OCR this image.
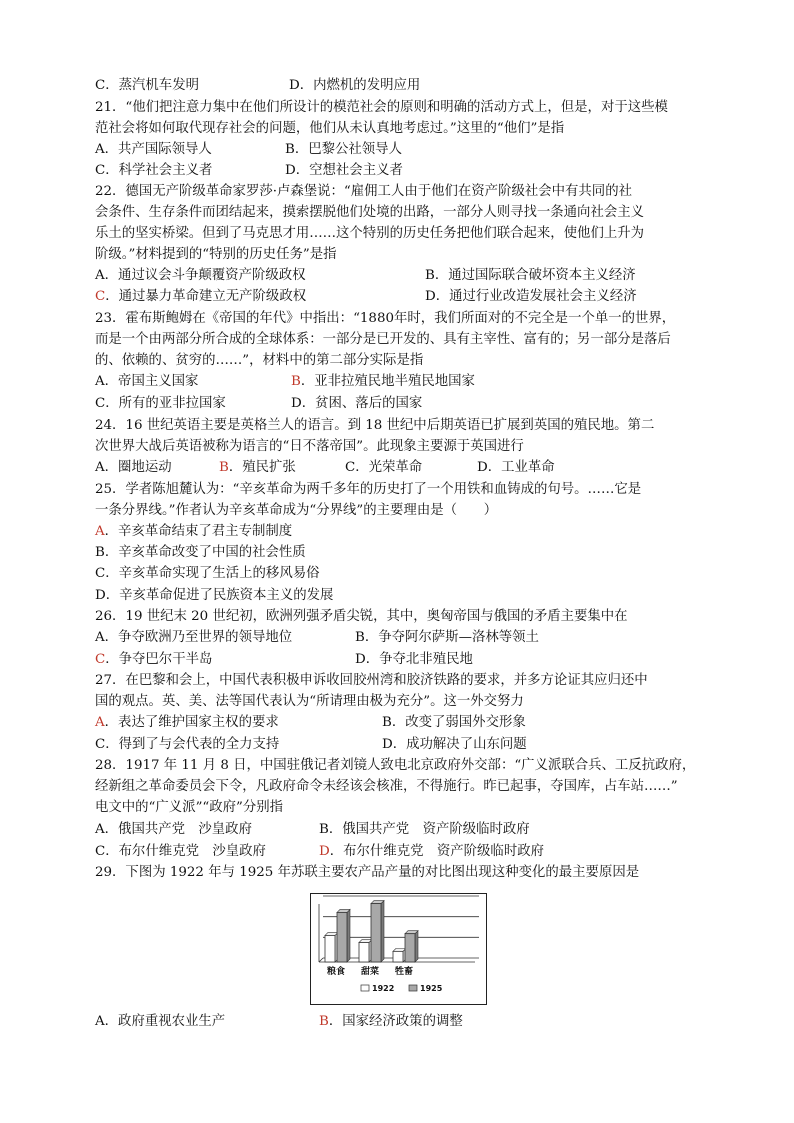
C．蒸汽机车发明	D．内燃机的发明应用
21．“他们把注意力集中在他们所设计的模范社会的原则和明确的活动方式上，但是，对于这些模
范社会将如何取代现存社会的问题，他们从未认真地考虑过。”这里的“他们”是指
A．共产国际领导人	B．巴黎公社领导人
C．科学社会主义者	D．空想社会主义者
22．德国无产阶级革命家罗莎·卢森堡说：“雇佣工人由于他们在资产阶级社会中有共同的社
会条件、生存条件而团结起来，摸索摆脱他们处境的出路，一部分人则寻找一条通向社会主义
乐土的坚实桥梁。但到了马克思才用……这个特别的历史任务把他们联合起来，使他们上升为
阶级。”材料提到的“特别的历史任务”是指
A．通过议会斗争颠覆资产阶级政权	B．通过国际联合破坏资本主义经济
C．通过暴力革命建立无产阶级政权	D．通过行业改造发展社会主义经济
23．霍布斯鲍姆在《帝国的年代》中指出：“1880年时，我们所面对的不完全是一个单一的世界，
而是一个由两部分所合成的全球体系：一部分是已开发的、具有主宰性、富有的；另一部分是落后
的、依赖的、贫穷的……”，材料中的第二部分实际是指
A．帝国主义国家	B．亚非拉殖民地半殖民地国家
C．所有的亚非拉国家	D．贫困、落后的国家
24．16 世纪英语主要是英格兰人的语言。到 18 世纪中后期英语已扩展到英国的殖民地。第二
次世界大战后英语被称为语言的“日不落帝国”。此现象主要源于英国进行
A．圈地运动	B．殖民扩张	C．光荣革命	D．工业革命
25．学者陈旭麓认为：“辛亥革命为两千多年的历史打了一个用铁和血铸成的句号。……它是
一条分界线。”作者认为辛亥革命成为“分界线”的主要理由是（　　）
A．辛亥革命结束了君主专制制度
B．辛亥革命改变了中国的社会性质
C．辛亥革命实现了生活上的移风易俗
D．辛亥革命促进了民族资本主义的发展
26．19 世纪末 20 世纪初，欧洲列强矛盾尖锐，其中，奥匈帝国与俄国的矛盾主要集中在
A．争夺欧洲乃至世界的领导地位	B．争夺阿尔萨斯—洛林等领土
C．争夺巴尔干半岛	D．争夺北非殖民地
27．在巴黎和会上，中国代表积极申诉收回胶州湾和胶济铁路的要求，并多方论证其应归还中
国的观点。英、美、法等国代表认为“所请理由极为充分”。这一外交努力
A．表达了维护国家主权的要求	B．改变了弱国外交形象
C．得到了与会代表的全力支持	D．成功解决了山东问题
28．1917 年 11 月 8 日，中国驻俄记者刘镜人致电北京政府外交部：“广义派联合兵、工反抗政府，
经新组之革命委员会下令，凡政府命令未经该会核准，不得施行。昨已起事，夺国库，占车站……”
电文中的“广义派”“政府”分别指
A．俄国共产党　沙皇政府	B．俄国共产党　资产阶级临时政府
C．布尔什维克党　沙皇政府	D．布尔什维克党　资产阶级临时政府
29．下图为 1922 年与 1925 年苏联主要农产品产量的对比图出现这种变化的最主要原因是
粮食 甜菜 牲畜
1922	1925
A．政府重视农业生产	B．国家经济政策的调整
